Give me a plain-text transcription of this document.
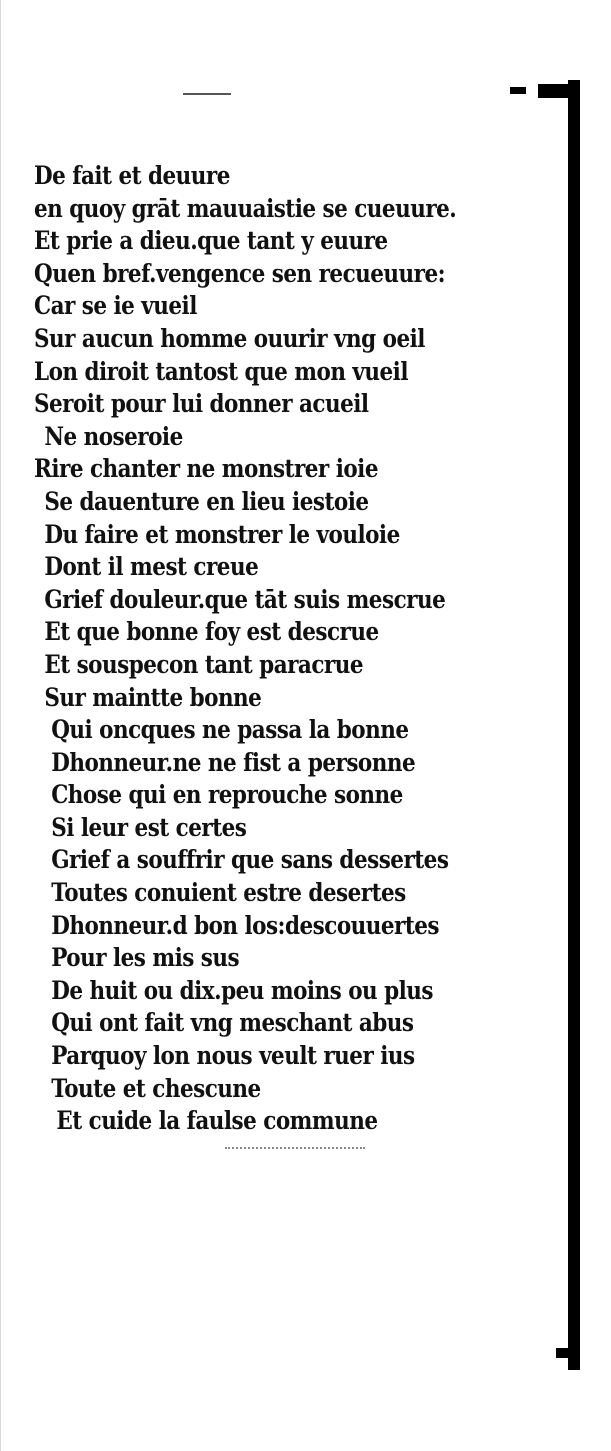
De fait et deuure
en quoy grāt mauuaistie se cueuure.
Et prie a dieu.que tant y euure
Quen bref.vengence sen recueuure:
Car se ie vueil
Sur aucun homme ouurir vng oeil
Lon diroit tantost que mon vueil
Seroit pour lui donner acueil
Ne noseroie
Rire chanter ne monstrer ioie
Se dauenture en lieu iestoie
Du faire et monstrer le vouloie
Dont il mest creue
Grief douleur.que tāt suis mescrue
Et que bonne foy est descrue
Et souspecon tant paracrue
Sur maintte bonne
Qui oncques ne passa la bonne
Dhonneur.ne ne fist a personne
Chose qui en reprouche sonne
Si leur est certes
Grief a souffrir que sans dessertes
Toutes conuient estre desertes
Dhonneur.d bon los:descouuertes
Pour les mis sus
De huit ou dix.peu moins ou plus
Qui ont fait vng meschant abus
Parquoy lon nous veult ruer ius
Toute et chescune
Et cuide la faulse commune
